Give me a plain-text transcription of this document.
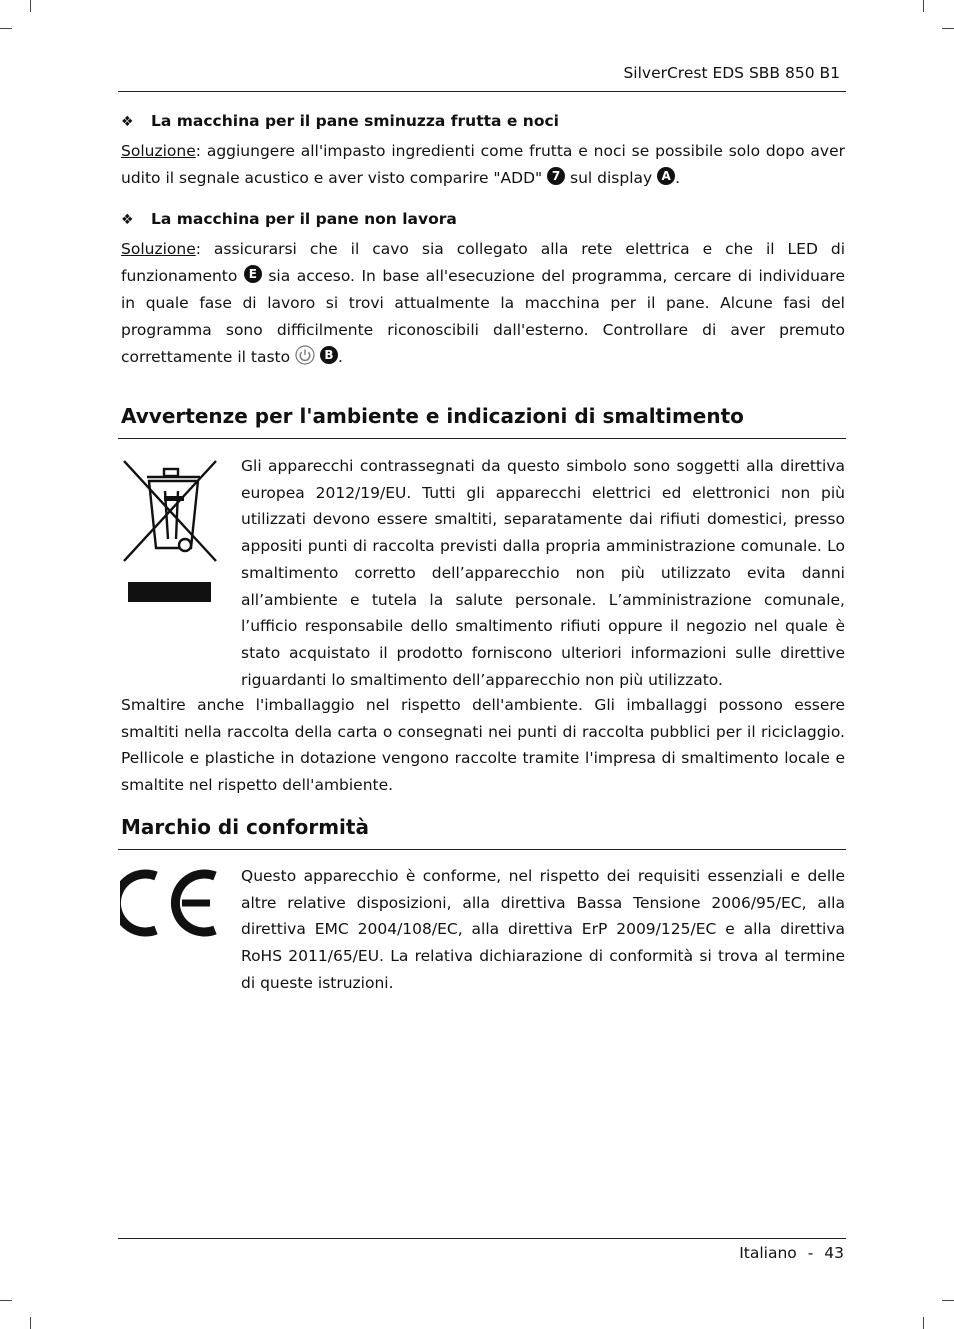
SilverCrest EDS SBB 850 B1
❖ La macchina per il pane sminuzza frutta e noci
Soluzione: aggiungere all'impasto ingredienti come frutta e noci se possibile solo dopo aver udito il segnale acustico e aver visto comparire "ADD" 7 sul display A .
❖ La macchina per il pane non lavora
Soluzione: assicurarsi che il cavo sia collegato alla rete elettrica e che il LED di funzionamento E sia acceso. In base all'esecuzione del programma, cercare di individuare in quale fase di lavoro si trovi attualmente la macchina per il pane. Alcune fasi del programma sono difficilmente riconoscibili dall'esterno. Controllare di aver premuto correttamente il tasto  B .
Avvertenze per l'ambiente e indicazioni di smaltimento
Gli apparecchi contrassegnati da questo simbolo sono soggetti alla direttiva europea 2012/19/EU. Tutti gli apparecchi elettrici ed elettronici non più utilizzati devono essere smaltiti, separatamente dai rifiuti domestici, presso appositi punti di raccolta previsti dalla propria amministrazione comunale. Lo smaltimento corretto dell’apparecchio non più utilizzato evita danni all’ambiente e tutela la salute personale. L’amministrazione comunale, l’ufficio responsabile dello smaltimento rifiuti oppure il negozio nel quale è stato acquistato il prodotto forniscono ulteriori informazioni sulle direttive riguardanti lo smaltimento dell’apparecchio non più utilizzato.
Smaltire anche l'imballaggio nel rispetto dell'ambiente. Gli imballaggi possono essere smaltiti nella raccolta della carta o consegnati nei punti di raccolta pubblici per il riciclaggio. Pellicole e plastiche in dotazione vengono raccolte tramite l'impresa di smaltimento locale e smaltite nel rispetto dell'ambiente.
Marchio di conformità
Questo apparecchio è conforme, nel rispetto dei requisiti essenziali e delle altre relative disposizioni, alla direttiva Bassa Tensione 2006/95/EC, alla direttiva EMC 2004/108/EC, alla direttiva ErP 2009/125/EC e alla direttiva RoHS 2011/65/EU. La relativa dichiarazione di conformità si trova al termine di queste istruzioni.
Italiano - 43
